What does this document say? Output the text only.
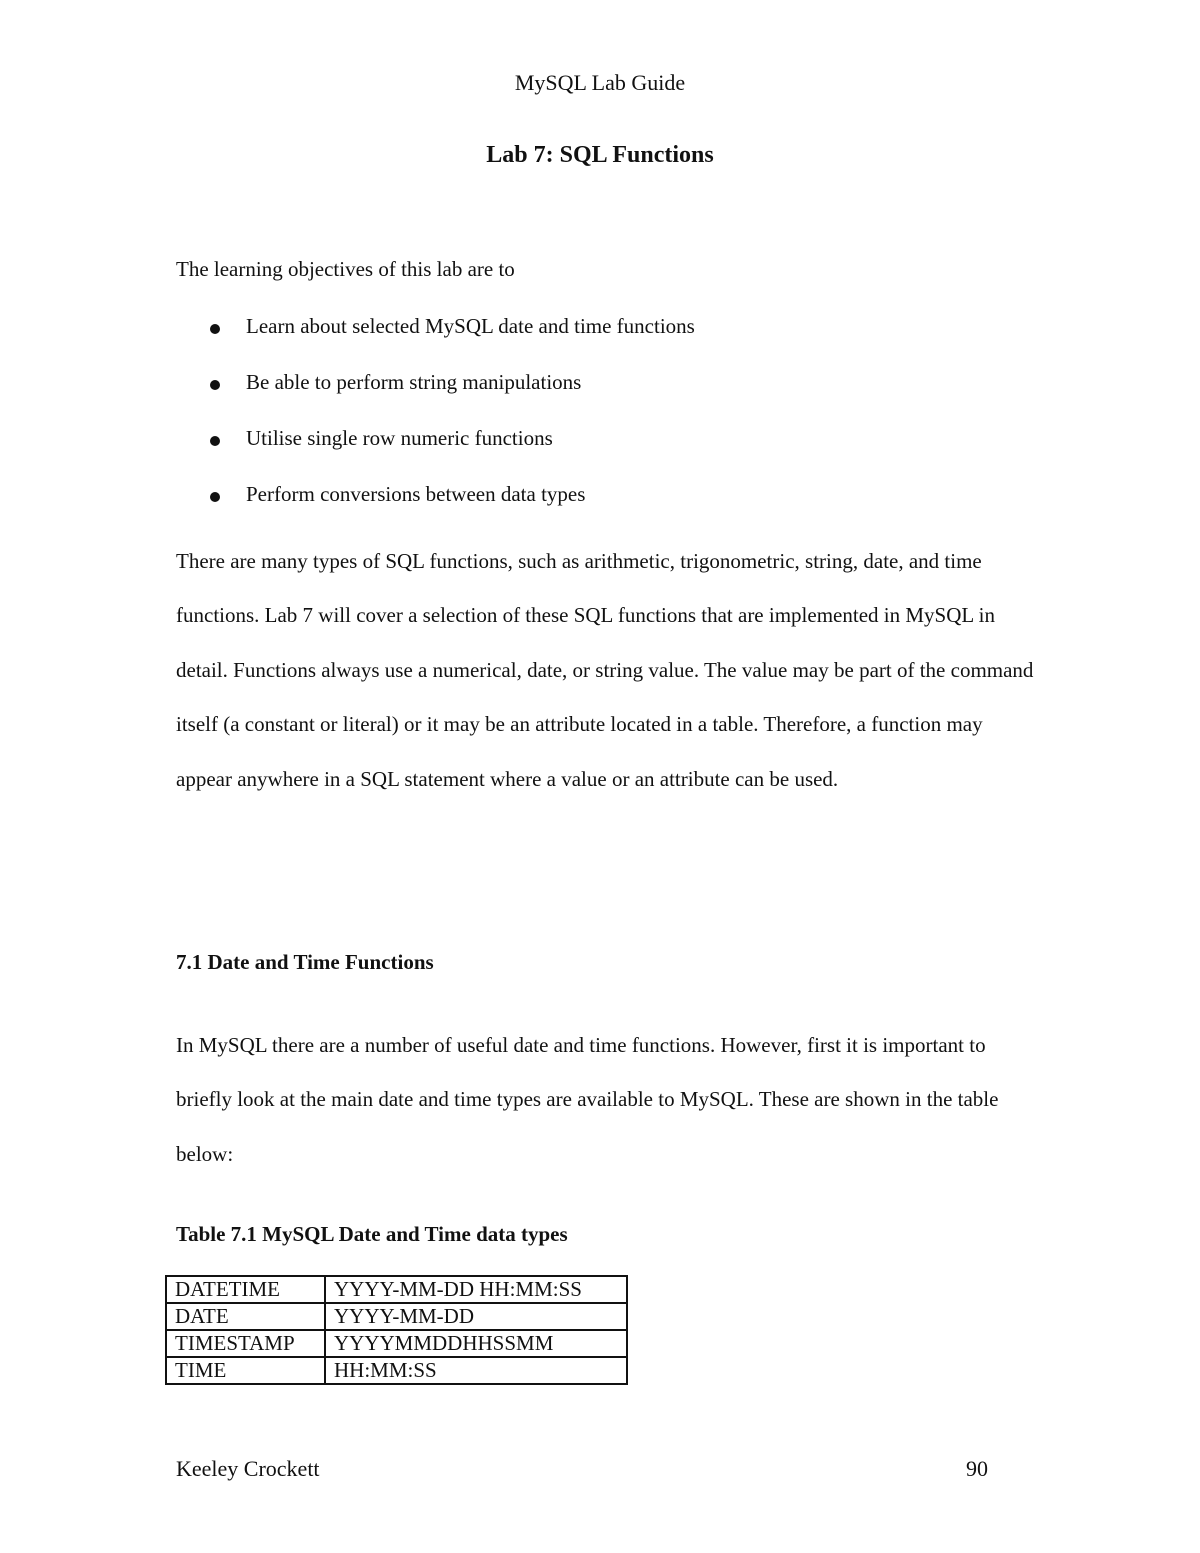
MySQL Lab Guide
Lab 7: SQL Functions
The learning objectives of this lab are to
Learn about selected MySQL date and time functions
Be able to perform string manipulations
Utilise single row numeric functions
Perform conversions between data types
There are many types of SQL functions, such as arithmetic, trigonometric, string, date, and time functions. Lab 7 will cover a selection of these SQL functions that are implemented in MySQL in detail. Functions always use a numerical, date, or string value. The value may be part of the command itself (a constant or literal) or it may be an attribute located in a table. Therefore, a function may appear anywhere in a SQL statement where a value or an attribute can be used.
7.1 Date and Time Functions
In MySQL there are a number of useful date and time functions. However, first it is important to briefly look at the main date and time types are available to MySQL. These are shown in the table below:
Table 7.1 MySQL Date and Time data types
DATETIME	YYYY-MM-DD HH:MM:SS
DATE	YYYY-MM-DD
TIMESTAMP	YYYYMMDDHHSSMM
TIME	HH:MM:SS
Keeley Crockett	90
